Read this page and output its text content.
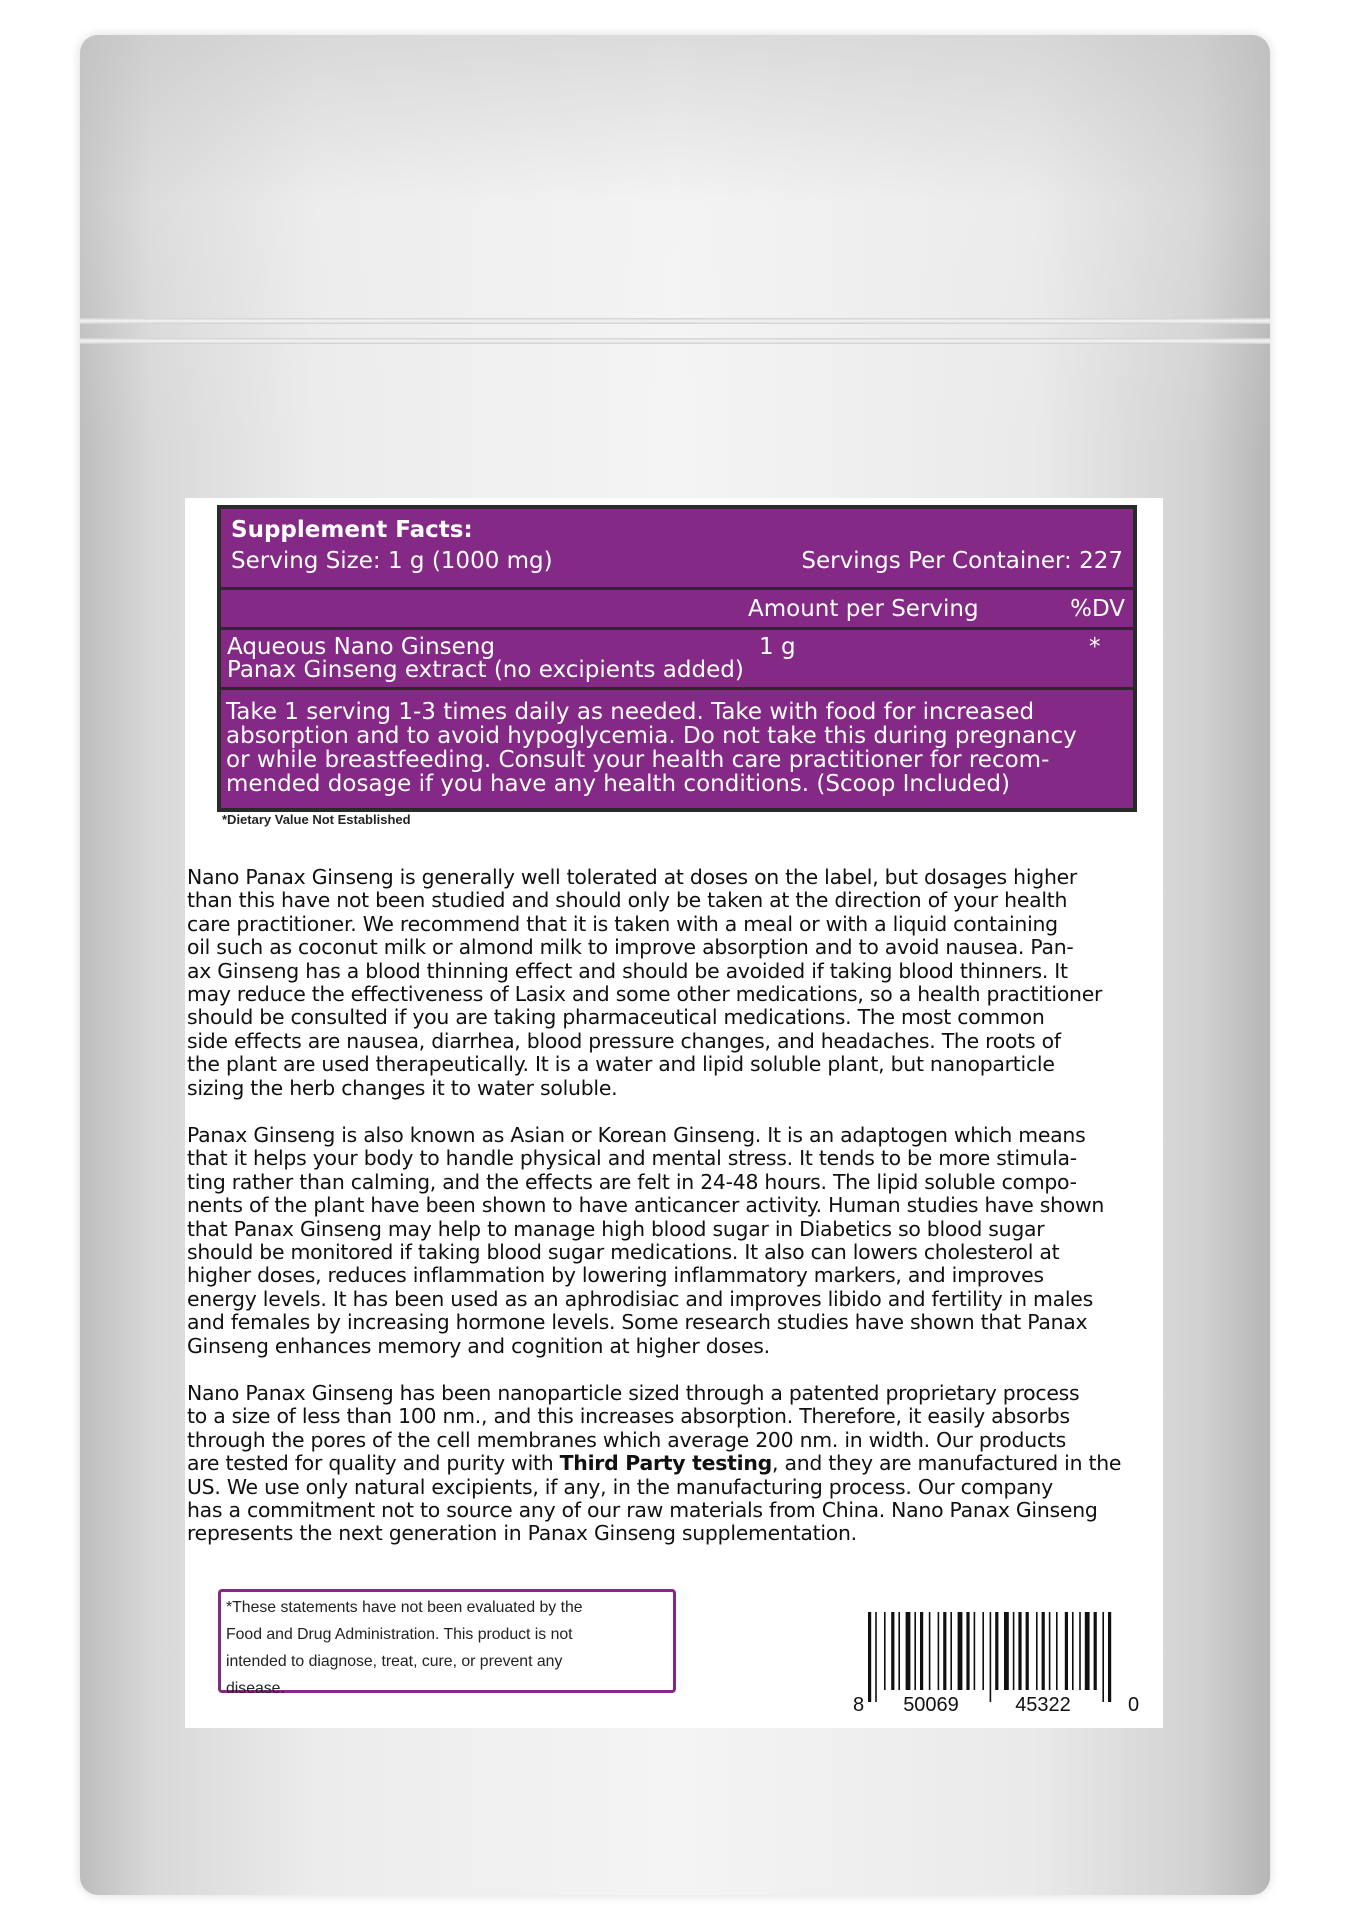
Supplement Facts:
Serving Size: 1 g (1000 mg)	Servings Per Container: 227
Amount per Serving	%DV
Aqueous Nano Ginseng	1 g	*
Panax Ginseng extract (no excipients added)
Take 1 serving 1-3 times daily as needed. Take with food for increased
absorption and to avoid hypoglycemia. Do not take this during pregnancy
or while breastfeeding. Consult your health care practitioner for recom-
mended dosage if you have any health conditions. (Scoop Included)
*Dietary Value Not Established
Nano Panax Ginseng is generally well tolerated at doses on the label, but dosages higher
than this have not been studied and should only be taken at the direction of your health
care practitioner. We recommend that it is taken with a meal or with a liquid containing
oil such as coconut milk or almond milk to improve absorption and to avoid nausea. Pan-
ax Ginseng has a blood thinning effect and should be avoided if taking blood thinners. It
may reduce the effectiveness of Lasix and some other medications, so a health practitioner
should be consulted if you are taking pharmaceutical medications. The most common
side effects are nausea, diarrhea, blood pressure changes, and headaches. The roots of
the plant are used therapeutically. It is a water and lipid soluble plant, but nanoparticle
sizing the herb changes it to water soluble.
Panax Ginseng is also known as Asian or Korean Ginseng. It is an adaptogen which means
that it helps your body to handle physical and mental stress. It tends to be more stimula-
ting rather than calming, and the effects are felt in 24-48 hours. The lipid soluble compo-
nents of the plant have been shown to have anticancer activity. Human studies have shown
that Panax Ginseng may help to manage high blood sugar in Diabetics so blood sugar
should be monitored if taking blood sugar medications. It also can lowers cholesterol at
higher doses, reduces inflammation by lowering inflammatory markers, and improves
energy levels. It has been used as an aphrodisiac and improves libido and fertility in males
and females by increasing hormone levels. Some research studies have shown that Panax
Ginseng enhances memory and cognition at higher doses.
Nano Panax Ginseng has been nanoparticle sized through a patented proprietary process
to a size of less than 100 nm., and this increases absorption. Therefore, it easily absorbs
through the pores of the cell membranes which average 200 nm. in width. Our products
are tested for quality and purity with Third Party testing, and they are manufactured in the
US. We use only natural excipients, if any, in the manufacturing process. Our company
has a commitment not to source any of our raw materials from China. Nano Panax Ginseng
represents the next generation in Panax Ginseng supplementation.
*These statements have not been evaluated by the
Food and Drug Administration. This product is not
intended to diagnose, treat, cure, or prevent any
disease.
8 50069	45322	0
